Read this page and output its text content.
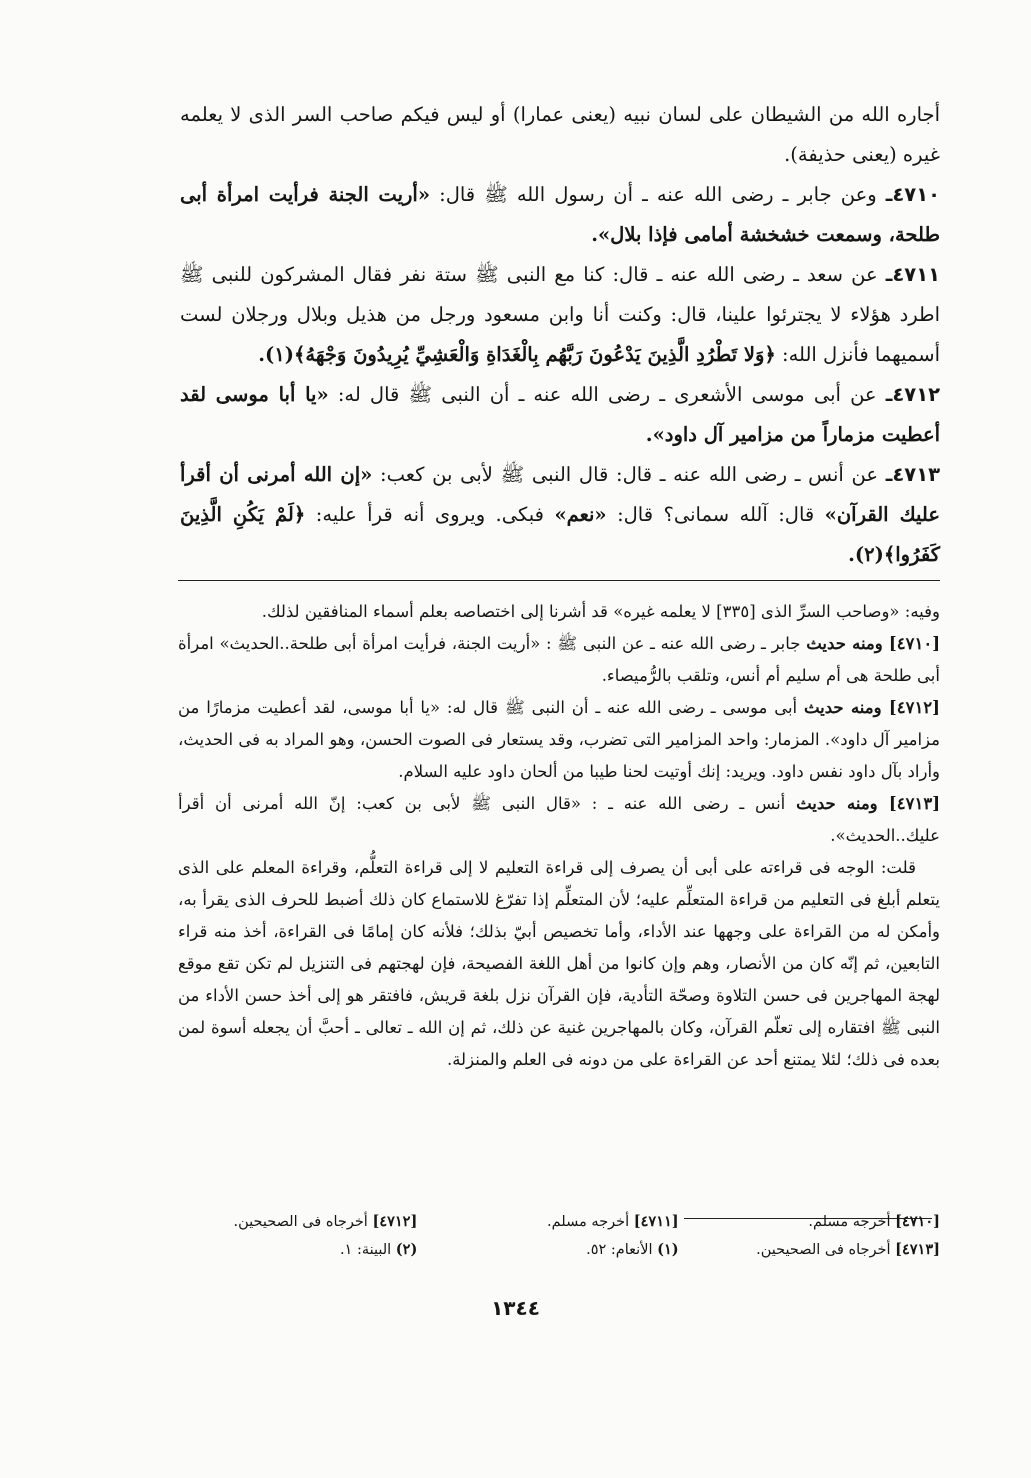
أجاره الله من الشيطان على لسان نبيه (يعنى عمارا) أو ليس فيكم صاحب السر الذى لا يعلمه غيره (يعنى حذيفة).

٤٧١٠ـ وعن جابر ـ رضى الله عنه ـ أن رسول الله ﷺ قال: «أريت الجنة فرأيت امرأة أبى طلحة، وسمعت خشخشة أمامى فإذا بلال».

٤٧١١ـ عن سعد ـ رضى الله عنه ـ قال: كنا مع النبى ﷺ ستة نفر فقال المشركون للنبى ﷺ اطرد هؤلاء لا يجترئوا علينا، قال: وكنت أنا وابن مسعود ورجل من هذيل وبلال ورجلان لست أسميهما فأنزل الله: ﴿وَلا تَطْرُدِ الَّذِينَ يَدْعُونَ رَبَّهُم بِالْغَدَاةِ وَالْعَشِيِّ يُرِيدُونَ وَجْهَهُ﴾(١).

٤٧١٢ـ عن أبى موسى الأشعرى ـ رضى الله عنه ـ أن النبى ﷺ قال له: «يا أبا موسى لقد أعطيت مزماراً من مزامير آل داود».

٤٧١٣ـ عن أنس ـ رضى الله عنه ـ قال: قال النبى ﷺ لأبى بن كعب: «إن الله أمرنى أن أقرأ عليك القرآن» قال: آلله سمانى؟ قال: «نعم» فبكى. ويروى أنه قرأ عليه: ﴿لَمْ يَكُنِ الَّذِينَ كَفَرُوا﴾(٢).

وفيه: «وصاحب السرِّ الذى [٣٣٥] لا يعلمه غيره» قد أشرنا إلى اختصاصه بعلم أسماء المنافقين لذلك.

[٤٧١٠] ومنه حديث جابر ـ رضى الله عنه ـ عن النبى ﷺ : «أريت الجنة، فرأيت امرأة أبى طلحة..الحديث» امرأة أبى طلحة هى أم سليم أم أنس، وتلقب بالرُّميصاء.

[٤٧١٢] ومنه حديث أبى موسى ـ رضى الله عنه ـ أن النبى ﷺ قال له: «يا أبا موسى، لقد أعطيت مزمارًا من مزامير آل داود». المزمار: واحد المزامير التى تضرب، وقد يستعار فى الصوت الحسن، وهو المراد به فى الحديث، وأراد بآل داود نفس داود. ويريد: إنك أوتيت لحنا طيبا من ألحان داود عليه السلام.

[٤٧١٣] ومنه حديث أنس ـ رضى الله عنه ـ : «قال النبى ﷺ لأبى بن كعب: إنّ الله أمرنى أن أقرأ عليك..الحديث».

قلت: الوجه فى قراءته على أبى أن يصرف إلى قراءة التعليم لا إلى قراءة التعلُّم، وقراءة المعلم على الذى يتعلم أبلغ فى التعليم من قراءة المتعلِّم عليه؛ لأن المتعلِّم إذا تفرّغ للاستماع كان ذلك أضبط للحرف الذى يقرأ به، وأمكن له من القراءة على وجهها عند الأداء، وأما تخصيص أبيّ بذلك؛ فلأنه كان إمامًا فى القراءة، أخذ منه قراء التابعين، ثم إنّه كان من الأنصار، وهم وإن كانوا من أهل اللغة الفصيحة، فإن لهجتهم فى التنزيل لم تكن تقع موقع لهجة المهاجرين فى حسن التلاوة وصحّة التأدية، فإن القرآن نزل بلغة قريش، فافتقر هو إلى أخذ حسن الأداء من النبى ﷺ افتقاره إلى تعلّم القرآن، وكان بالمهاجرين غنية عن ذلك، ثم إن الله ـ تعالى ـ أحبَّ أن يجعله أسوة لمن بعده فى ذلك؛ لئلا يمتنع أحد عن القراءة على من دونه فى العلم والمنزلة.

[٤٧١٠] أخرجه مسلم.
[٤٧١٣] أخرجاه فى الصحيحين.
[٤٧١١] أخرجه مسلم.
(١) الأنعام: ٥٢.
[٤٧١٢] أخرجاه فى الصحيحين.
(٢) البينة: ١.
١٣٤٤
